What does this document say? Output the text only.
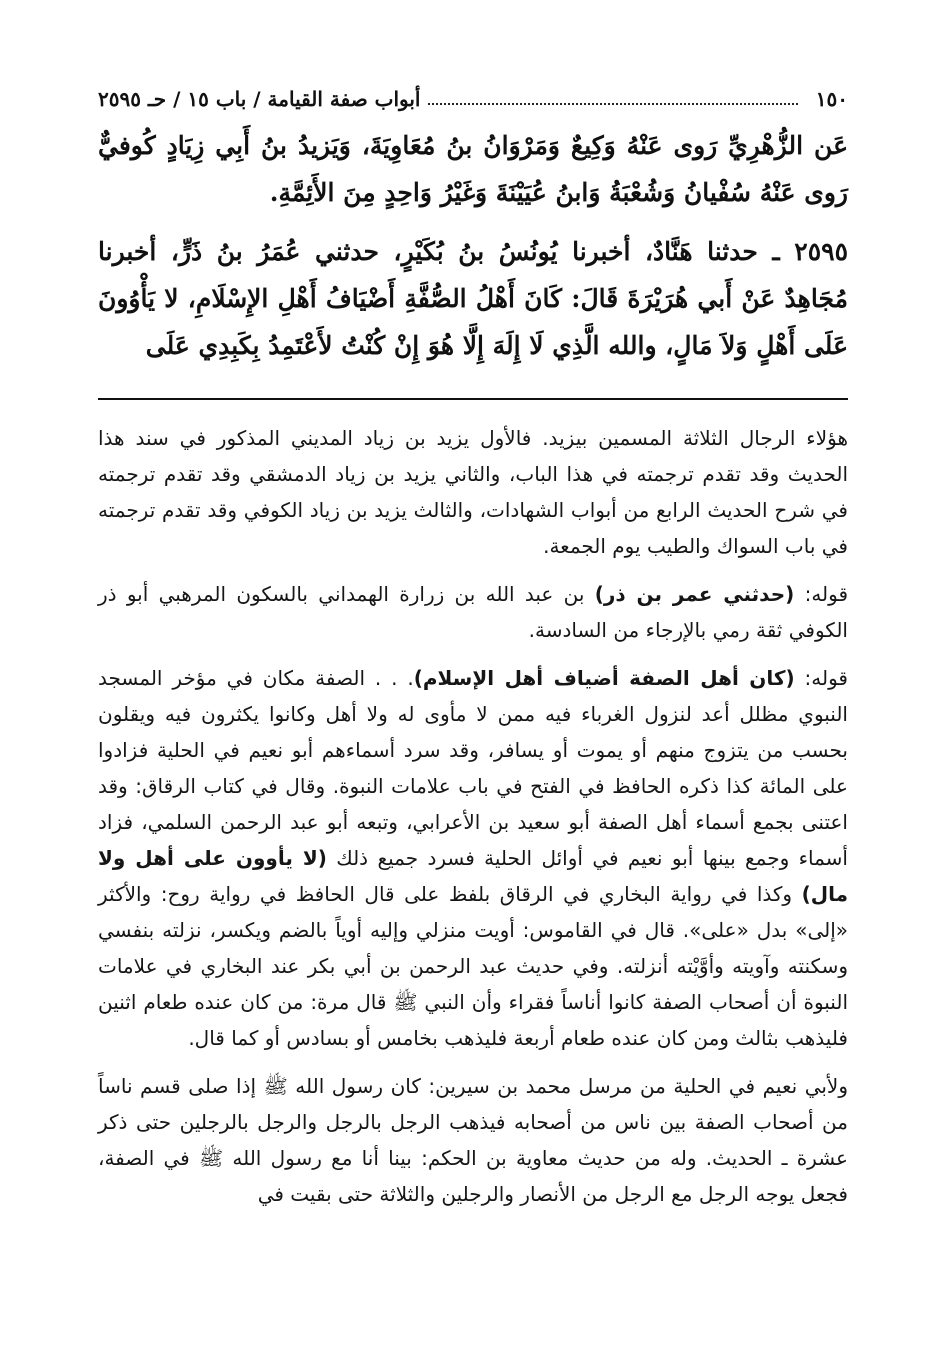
١٥٠
أبواب صفة القيامة / باب ١٥ / حـ ٢٥٩٥

عَن الزُّهْرِيِّ رَوى عَنْهُ وَكِيعٌ وَمَرْوَانُ بنُ مُعَاوِيَةَ، وَيَزيدُ بنُ أَبِي زِيَادٍ كُوفيٌّ رَوى عَنْهُ سُفْيانُ وَشُعْبَةُ وَابنُ عُيَيْنَةَ وَغَيْرُ وَاحِدٍ مِنَ الأَئِمَّةِ.

٢٥٩٥ ـ حدثنا هَنَّادٌ، أخبرنا يُونُسُ بنُ بُكَيْرٍ، حدثني عُمَرُ بنُ ذَرٍّ، أخبرنا مُجَاهِدٌ عَنْ أَبي هُرَيْرَةَ قَالَ: كَانَ أَهْلُ الصُّفَّةِ أَضْيَافُ أَهْلِ الإِسْلَامِ، لا يَأْوُونَ عَلَى أَهْلٍ وَلاَ مَالٍ، والله الَّذِي لَا إِلَهَ إِلَّا هُوَ إِنْ كُنْتُ لأَعْتَمِدُ بِكَبِدِي عَلَى

هؤلاء الرجال الثلاثة المسمين بيزيد. فالأول يزيد بن زياد المديني المذكور في سند هذا الحديث وقد تقدم ترجمته في هذا الباب، والثاني يزيد بن زياد الدمشقي وقد تقدم ترجمته في شرح الحديث الرابع من أبواب الشهادات، والثالث يزيد بن زياد الكوفي وقد تقدم ترجمته في باب السواك والطيب يوم الجمعة.

قوله: (حدثني عمر بن ذر) بن عبد الله بن زرارة الهمداني بالسكون المرهبي أبو ذر الكوفي ثقة رمي بالإرجاء من السادسة.

قوله: (كان أهل الصفة أضياف أهل الإسلام). . . الصفة مكان في مؤخر المسجد النبوي مظلل أعد لنزول الغرباء فيه ممن لا مأوى له ولا أهل وكانوا يكثرون فيه ويقلون بحسب من يتزوج منهم أو يموت أو يسافر، وقد سرد أسماءهم أبو نعيم في الحلية فزادوا على المائة كذا ذكره الحافظ في الفتح في باب علامات النبوة. وقال في كتاب الرقاق: وقد اعتنى بجمع أسماء أهل الصفة أبو سعيد بن الأعرابي، وتبعه أبو عبد الرحمن السلمي، فزاد أسماء وجمع بينها أبو نعيم في أوائل الحلية فسرد جميع ذلك (لا يأوون على أهل ولا مال) وكذا في رواية البخاري في الرقاق بلفظ على قال الحافظ في رواية روح: والأكثر «إلى» بدل «على». قال في القاموس: أويت منزلي وإليه أوياً بالضم ويكسر، نزلته بنفسي وسكنته وآويته وأوَّيْته أنزلته. وفي حديث عبد الرحمن بن أبي بكر عند البخاري في علامات النبوة أن أصحاب الصفة كانوا أناساً فقراء وأن النبي ﷺ قال مرة: من كان عنده طعام اثنين فليذهب بثالث ومن كان عنده طعام أربعة فليذهب بخامس أو بسادس أو كما قال.

ولأبي نعيم في الحلية من مرسل محمد بن سيرين: كان رسول الله ﷺ إذا صلى قسم ناساً من أصحاب الصفة بين ناس من أصحابه فيذهب الرجل بالرجل والرجل بالرجلين حتى ذكر عشرة ـ الحديث. وله من حديث معاوية بن الحكم: بينا أنا مع رسول الله ﷺ في الصفة، فجعل يوجه الرجل مع الرجل من الأنصار والرجلين والثلاثة حتى بقيت في
